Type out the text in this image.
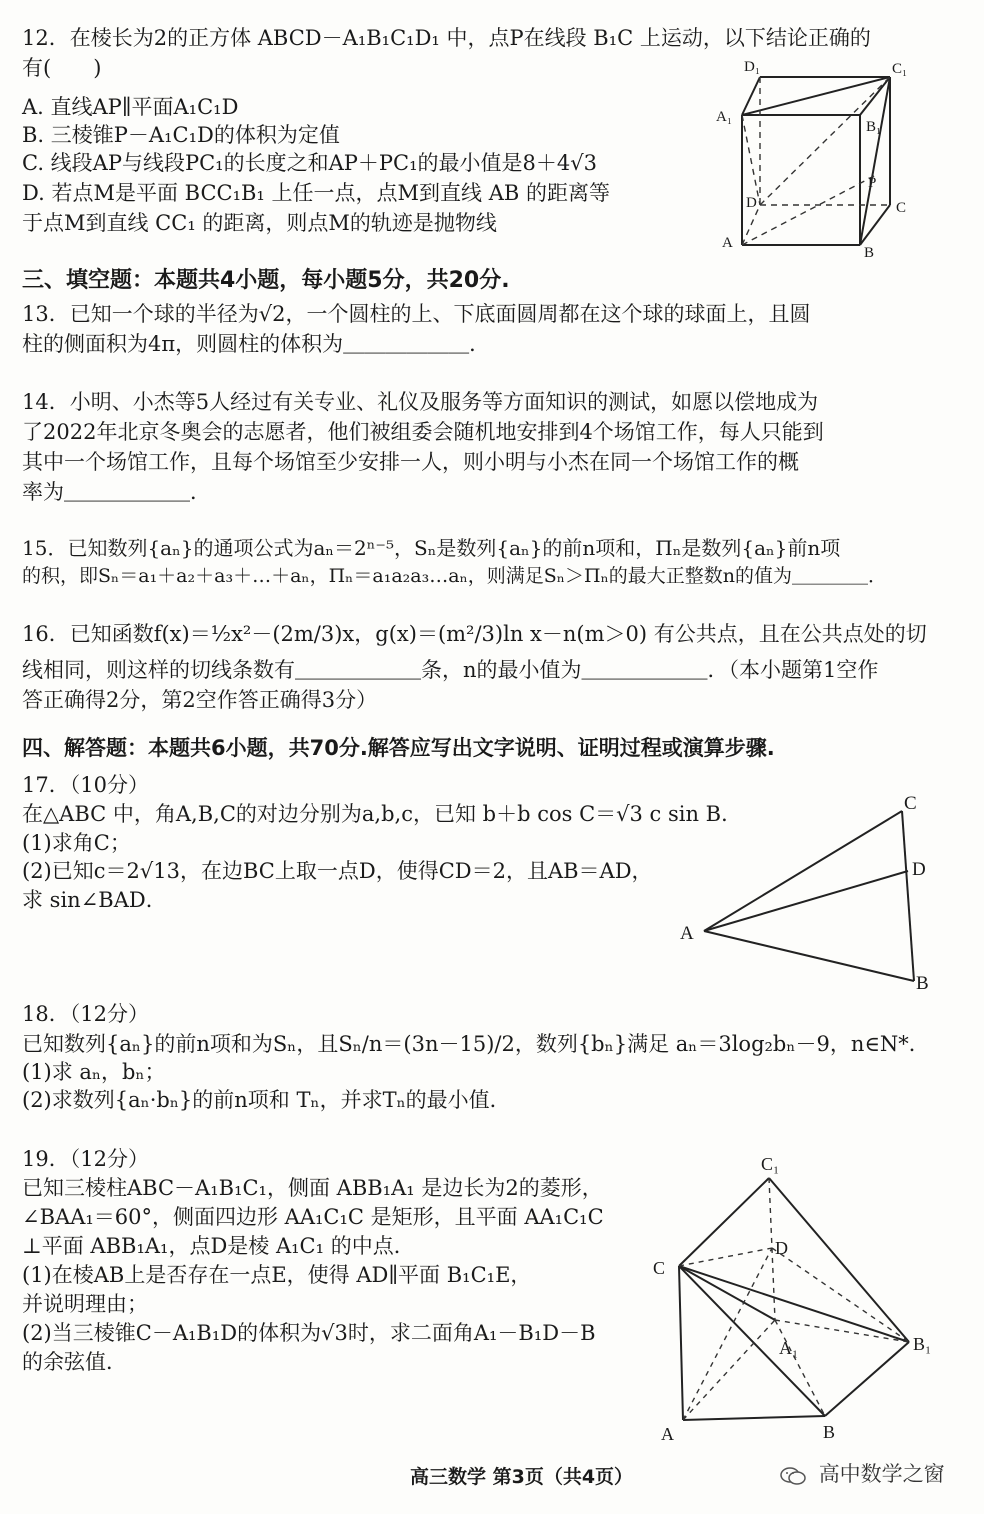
12．在棱长为2的正方体 ABCD－A₁B₁C₁D₁ 中，点P在线段 B₁C 上运动，以下结论正确的
有(　　)
A. 直线AP∥平面A₁C₁D
B. 三棱锥P－A₁C₁D的体积为定值
C. 线段AP与线段PC₁的长度之和AP＋PC₁的最小值是8＋4√3
D. 若点M是平面 BCC₁B₁ 上任一点，点M到直线 AB 的距离等
于点M到直线 CC₁ 的距离，则点M的轨迹是抛物线
D₁	C₁
A₁
B₁
D	C
P
A
B
三、填空题：本题共4小题，每小题5分，共20分.
13．已知一个球的半径为√2，一个圆柱的上、下底面圆周都在这个球的球面上，且圆
柱的侧面积为4π，则圆柱的体积为＿＿＿＿＿＿．
14．小明、小杰等5人经过有关专业、礼仪及服务等方面知识的测试，如愿以偿地成为
了2022年北京冬奥会的志愿者，他们被组委会随机地安排到4个场馆工作，每人只能到
其中一个场馆工作，且每个场馆至少安排一人，则小明与小杰在同一个场馆工作的概
率为＿＿＿＿＿＿．
15．已知数列{aₙ}的通项公式为aₙ＝2ⁿ⁻⁵，Sₙ是数列{aₙ}的前n项和，Πₙ是数列{aₙ}前n项
的积，即Sₙ＝a₁＋a₂＋a₃＋…＋aₙ，Πₙ＝a₁a₂a₃…aₙ，则满足Sₙ＞Πₙ的最大正整数n的值为＿＿＿＿．
16．已知函数f(x)＝½x²－(2m/3)x，g(x)＝(m²/3)ln x－n(m＞0) 有公共点，且在公共点处的切
线相同，则这样的切线条数有＿＿＿＿＿＿条，n的最小值为＿＿＿＿＿＿．（本小题第1空作
答正确得2分，第2空作答正确得3分）
四、解答题：本题共6小题，共70分.解答应写出文字说明、证明过程或演算步骤.
17．（10分）
在△ABC 中，角A,B,C的对边分别为a,b,c，已知 b＋b cos C＝√3 c sin B．
(1)求角C；
(2)已知c＝2√13，在边BC上取一点D，使得CD＝2，且AB＝AD，
求 sin∠BAD．
C
D
A
B
18．（12分）
已知数列{aₙ}的前n项和为Sₙ，且Sₙ/n＝(3n－15)/2，数列{bₙ}满足 aₙ＝3log₂bₙ－9，n∈N*．
(1)求 aₙ，bₙ；
(2)求数列{aₙ·bₙ}的前n项和 Tₙ，并求Tₙ的最小值．
19．（12分）
已知三棱柱ABC－A₁B₁C₁，侧面 ABB₁A₁ 是边长为2的菱形，
∠BAA₁＝60°，侧面四边形 AA₁C₁C 是矩形，且平面 AA₁C₁C
⊥平面 ABB₁A₁，点D是棱 A₁C₁ 的中点．
(1)在棱AB上是否存在一点E，使得 AD∥平面 B₁C₁E，
并说明理由；
(2)当三棱锥C－A₁B₁D的体积为√3时，求二面角A₁－B₁D－B
的余弦值．
C₁
D
C
B₁
A₁
A	B
高三数学 第3页（共4页）	高中数学之窗
